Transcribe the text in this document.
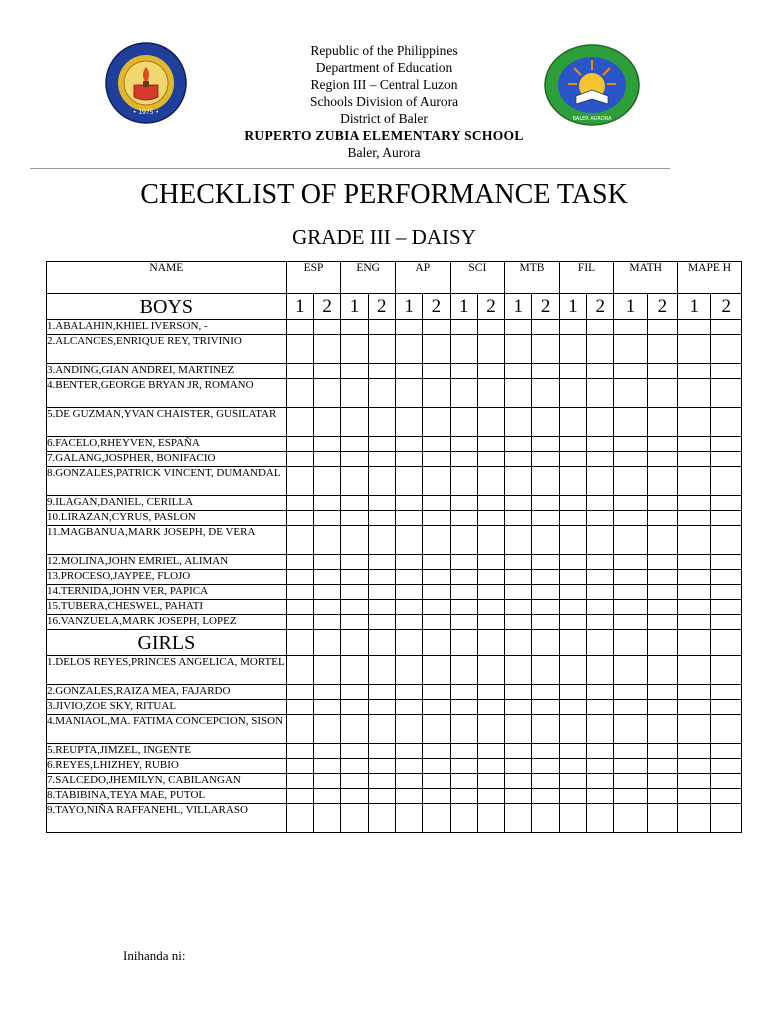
• 1975 •
BALER AURORA
Republic of the Philippines
Department of Education
Region III – Central Luzon
Schools Division of Aurora
District of Baler
RUPERTO ZUBIA ELEMENTARY SCHOOL
Baler, Aurora
CHECKLIST OF PERFORMANCE TASK
GRADE III – DAISY
NAME	ESP		ENG		AP		SCI		MTB		FIL		MATH		MAPE H	
BOYS	1	2	1	2	1	2	1	2	1	2	1	2	1	2	1	2
1.ABALAHIN,KHIEL IVERSON, -																
2.ALCANCES,ENRIQUE REY, TRIVINIO																
3.ANDING,GIAN ANDREI, MARTINEZ																
4.BENTER,GEORGE BRYAN JR, ROMANO																
5.DE GUZMAN,YVAN CHAISTER, GUSILATAR																
6.FACELO,RHEYVEN, ESPAÑA																
7.GALANG,JOSPHER, BONIFACIO																
8.GONZALES,PATRICK VINCENT, DUMANDAL																
9.ILAGAN,DANIEL, CERILLA																
10.LIRAZAN,CYRUS, PASLON																
11.MAGBANUA,MARK JOSEPH, DE VERA																
12.MOLINA,JOHN EMRIEL, ALIMAN																
13.PROCESO,JAYPEE, FLOJO																
14.TERNIDA,JOHN VER, PAPICA																
15.TUBERA,CHESWEL, PAHATI																
16.VANZUELA,MARK JOSEPH, LOPEZ																
GIRLS																
1.DELOS REYES,PRINCES ANGELICA, MORTEL																
2.GONZALES,RAIZA MEA, FAJARDO																
3.JIVIO,ZOE SKY, RITUAL																
4.MANIAOL,MA. FATIMA CONCEPCION, SISON																
5.REUPTA,JIMZEL, INGENTE																
6.REYES,LHIZHEY, RUBIO																
7.SALCEDO,JHEMILYN, CABILANGAN																
8.TABIBINA,TEYA MAE, PUTOL																
9.TAYO,NIÑA RAFFANEHL, VILLARASO																
Inihanda ni:
